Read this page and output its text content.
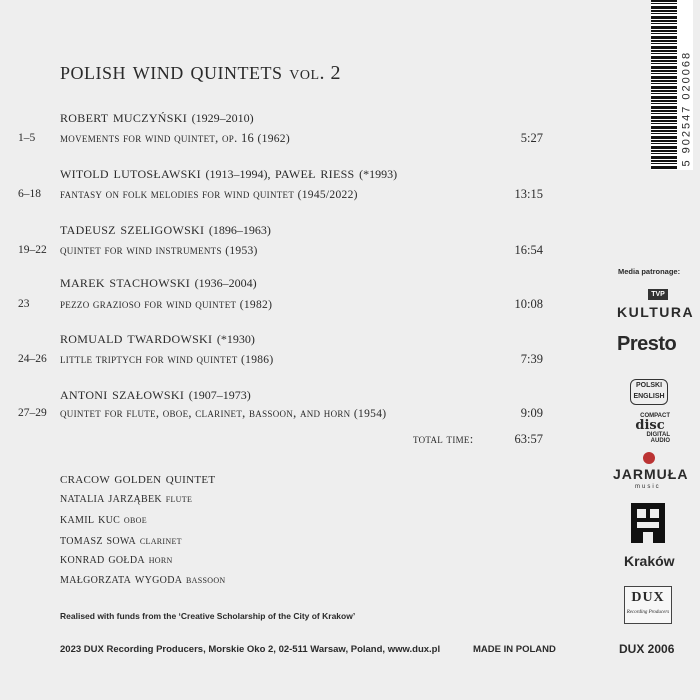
polish wind quintets vol. 2
robert muczyński (1929–2010)
1–5 movements for wind quintet, op. 16 (1962)	5:27
witold lutosławski (1913–1994), paweł riess (*1993)
6–18 fantasy on folk melodies for wind quintet (1945/2022)	13:15
tadeusz szeligowski (1896–1963)
19–22 quintet for wind instruments (1953)	16:54
marek stachowski (1936–2004)
23 pezzo grazioso for wind quintet (1982)	10:08
romuald twardowski (*1930)
24–26 little triptych for wind quintet (1986)	7:39
antoni szałowski (1907–1973)
27–29 quintet for flute, oboe, clarinet, bassoon, and horn (1954)	9:09
total time:	63:57
cracow golden quintet
natalia jarząbek flute
kamil kuc oboe
tomasz sowa clarinet
konrad gołda horn
małgorzata wygoda bassoon
Realised with funds from the ‘Creative Scholarship of the City of Krakow’
2023 DUX Recording Producers, Morskie Oko 2, 02-511 Warsaw, Poland, www.dux.pl	MADE IN POLAND
5 902547 020068
Media patronage:
TVP
KULTURA
Presto
POLSKI
ENGLISH
COMPACT
disc
DIGITAL AUDIO
JARMUŁA
music
Kraków
DUX
Recording Producers
DUX 2006
